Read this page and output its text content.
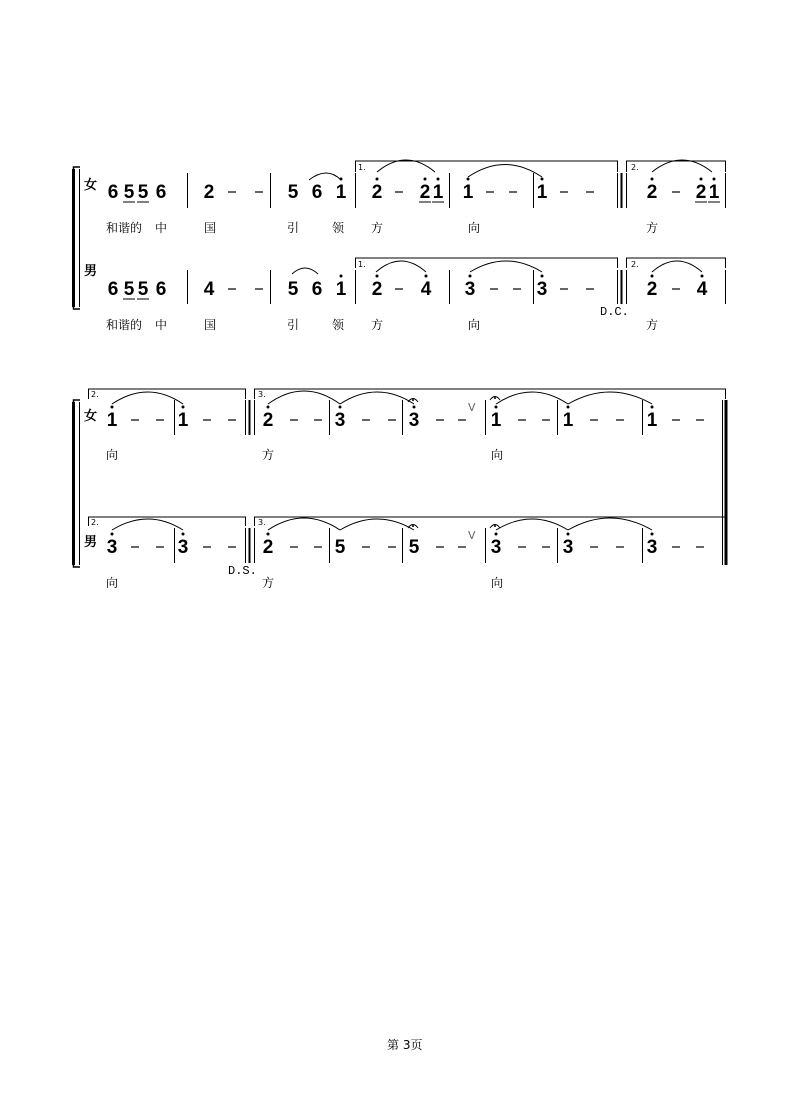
女
男
女
男
1.	2.
1.	2.
D.C.
2.	3.
2.	3.
D.S.
V
V
第 3页
6 5 5 6 2	5 6 1 2 2 1 1	1	2 2 1
6 5 5 6 4	5 6 1 2 4 3	3	2 4
和谐的 中	国	引	领 方	向	方
和谐的 中	国	引	领 方	向	方
1	1	2	3	3	1	1	1
3	3	2	5	5	3	3	3
向	方	向
向	方	向
